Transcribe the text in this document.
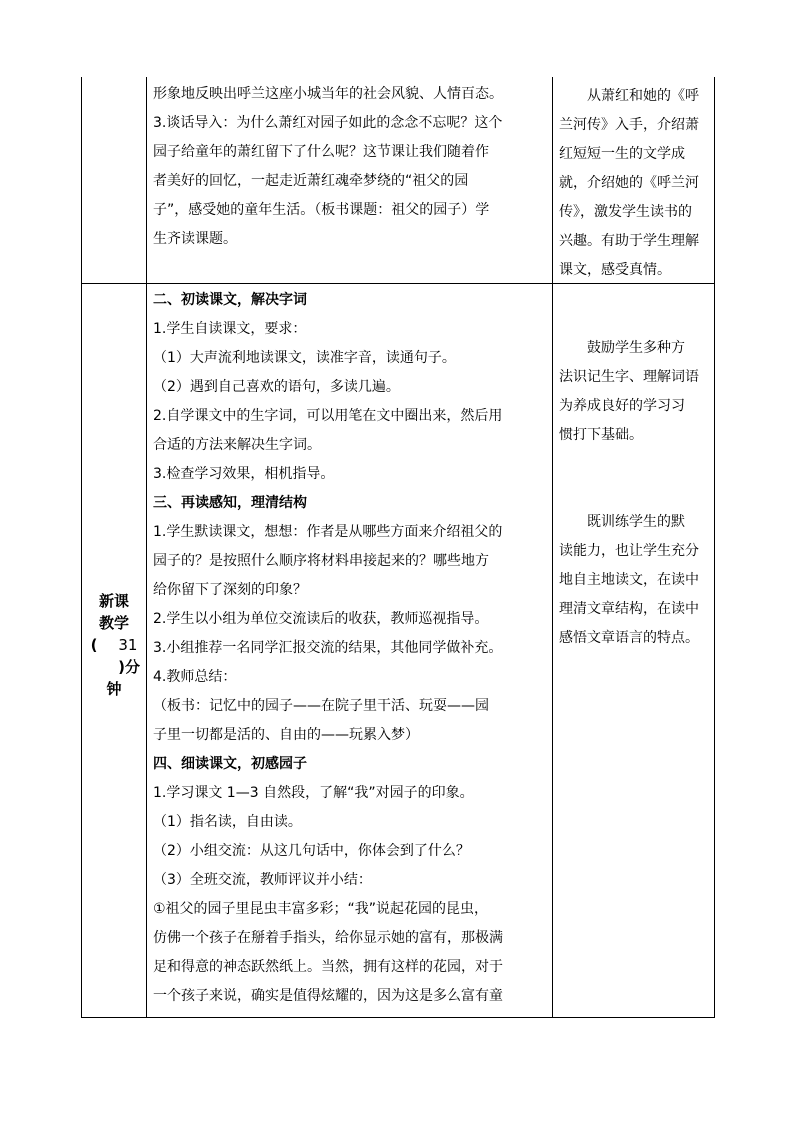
形象地反映出呼兰这座小城当年的社会风貌、人情百态。
3.谈话导入：为什么萧红对园子如此的念念不忘呢？这个
园子给童年的萧红留下了什么呢？这节课让我们随着作
者美好的回忆，一起走近萧红魂牵梦绕的“祖父的园
子”，感受她的童年生活。（板书课题：祖父的园子）学
生齐读课题。
　　从萧红和她的《呼
兰河传》入手，介绍萧
红短短一生的文学成
就，介绍她的《呼兰河
传》，激发学生读书的
兴趣。有助于学生理解
课文，感受真情。
新课
教学
( 31
)分
钟
二、初读课文，解决字词
1.学生自读课文，要求：
（1）大声流利地读课文，读准字音，读通句子。
（2）遇到自己喜欢的语句，多读几遍。
2.自学课文中的生字词，可以用笔在文中圈出来，然后用
合适的方法来解决生字词。
3.检查学习效果，相机指导。
三、再读感知，理清结构
1.学生默读课文，想想：作者是从哪些方面来介绍祖父的
园子的？是按照什么顺序将材料串接起来的？哪些地方
给你留下了深刻的印象？
2.学生以小组为单位交流读后的收获，教师巡视指导。
3.小组推荐一名同学汇报交流的结果，其他同学做补充。
4.教师总结：
（板书：记忆中的园子——在院子里干活、玩耍——园
子里一切都是活的、自由的——玩累入梦）
四、细读课文，初感园子
1.学习课文 1—3 自然段，了解“我”对园子的印象。
（1）指名读，自由读。
（2）小组交流：从这几句话中，你体会到了什么？
（3）全班交流，教师评议并小结：
①祖父的园子里昆虫丰富多彩；“我”说起花园的昆虫，
仿佛一个孩子在掰着手指头，给你显示她的富有，那极满
足和得意的神态跃然纸上。当然，拥有这样的花园，对于
一个孩子来说，确实是值得炫耀的，因为这是多么富有童
　　鼓励学生多种方
法识记生字、理解词语
为养成良好的学习习
惯打下基础。
　　既训练学生的默
读能力，也让学生充分
地自主地读文，在读中
理清文章结构，在读中
感悟文章语言的特点。
